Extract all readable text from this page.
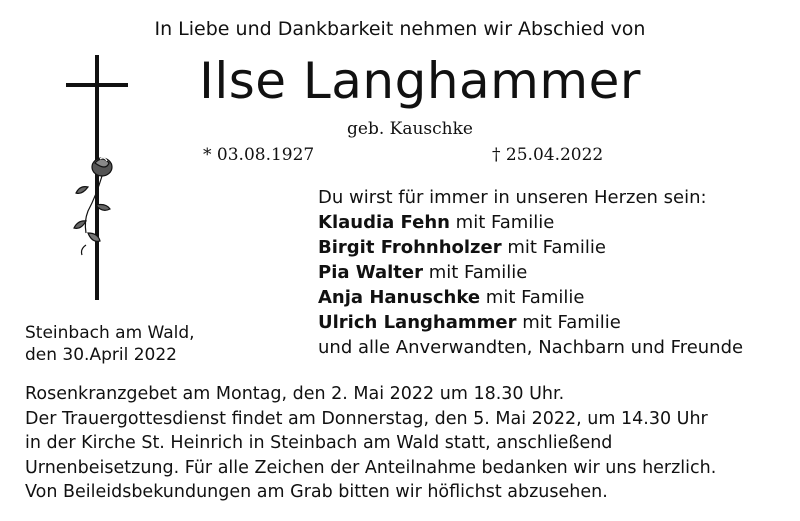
In Liebe und Dankbarkeit nehmen wir Abschied von
Ilse Langhammer
geb. Kauschke
* 03.08.1927	† 25.04.2022
Du wirst für immer in unseren Herzen sein:
Klaudia Fehn mit Familie
Birgit Frohnholzer mit Familie
Pia Walter mit Familie
Anja Hanuschke mit Familie
Ulrich Langhammer mit Familie
und alle Anverwandten, Nachbarn und Freunde
Steinbach am Wald,
den 30.April 2022
Rosenkranzgebet am Montag, den 2. Mai 2022 um 18.30 Uhr.
Der Trauergottesdienst findet am Donnerstag, den 5. Mai 2022, um 14.30 Uhr
in der Kirche St. Heinrich in Steinbach am Wald statt, anschließend
Urnenbeisetzung. Für alle Zeichen der Anteilnahme bedanken wir uns herzlich.
Von Beileidsbekundungen am Grab bitten wir höflichst abzusehen.
